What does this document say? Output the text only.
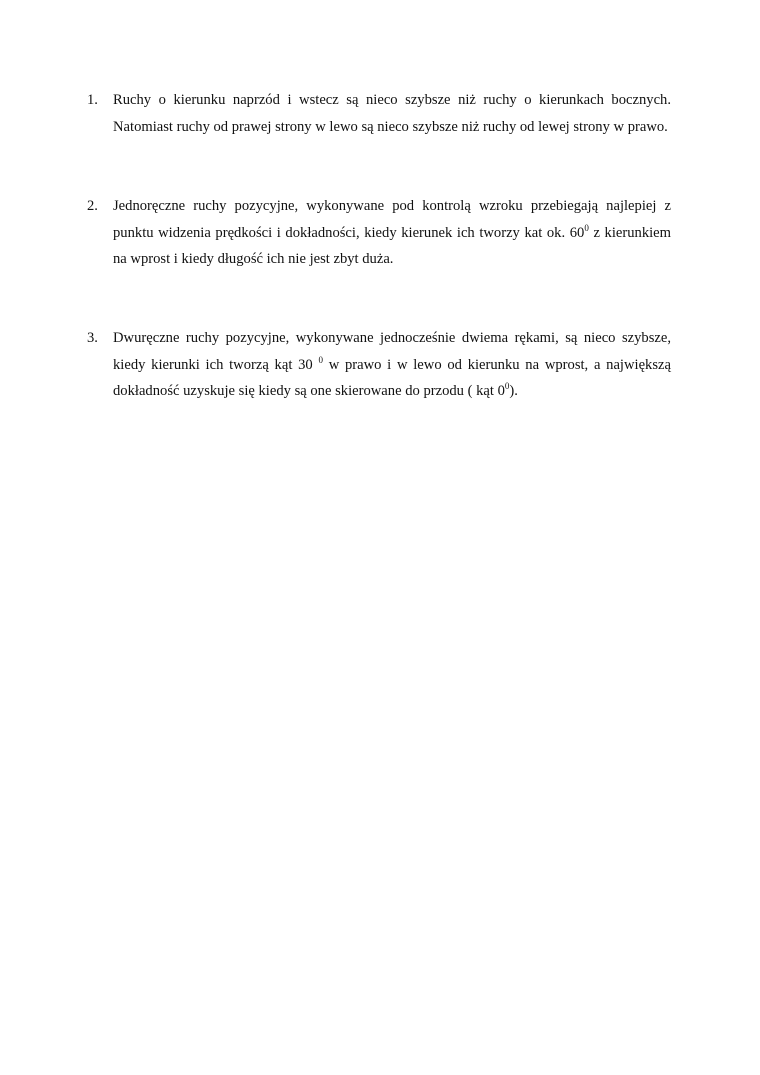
1.	Ruchy o kierunku naprzód i wstecz są nieco szybsze niż ruchy o kierunkach bocznych. Natomiast ruchy od prawej strony w lewo są nieco szybsze niż ruchy od lewej strony w prawo.
2.	Jednoręczne ruchy pozycyjne, wykonywane pod kontrolą wzroku przebiegają najlepiej z punktu widzenia prędkości i dokładności, kiedy kierunek ich tworzy kat ok. $60^0$ z kierunkiem na wprost i kiedy długość ich nie jest zbyt duża.
3.	Dwuręczne ruchy pozycyjne, wykonywane jednocześnie dwiema rękami, są nieco szybsze, kiedy kierunki ich tworzą kąt 30 $^0$ w prawo i w lewo od kierunku na wprost, a największą dokładność uzyskuje się kiedy są one skierowane do przodu ( kąt $0^0$).
